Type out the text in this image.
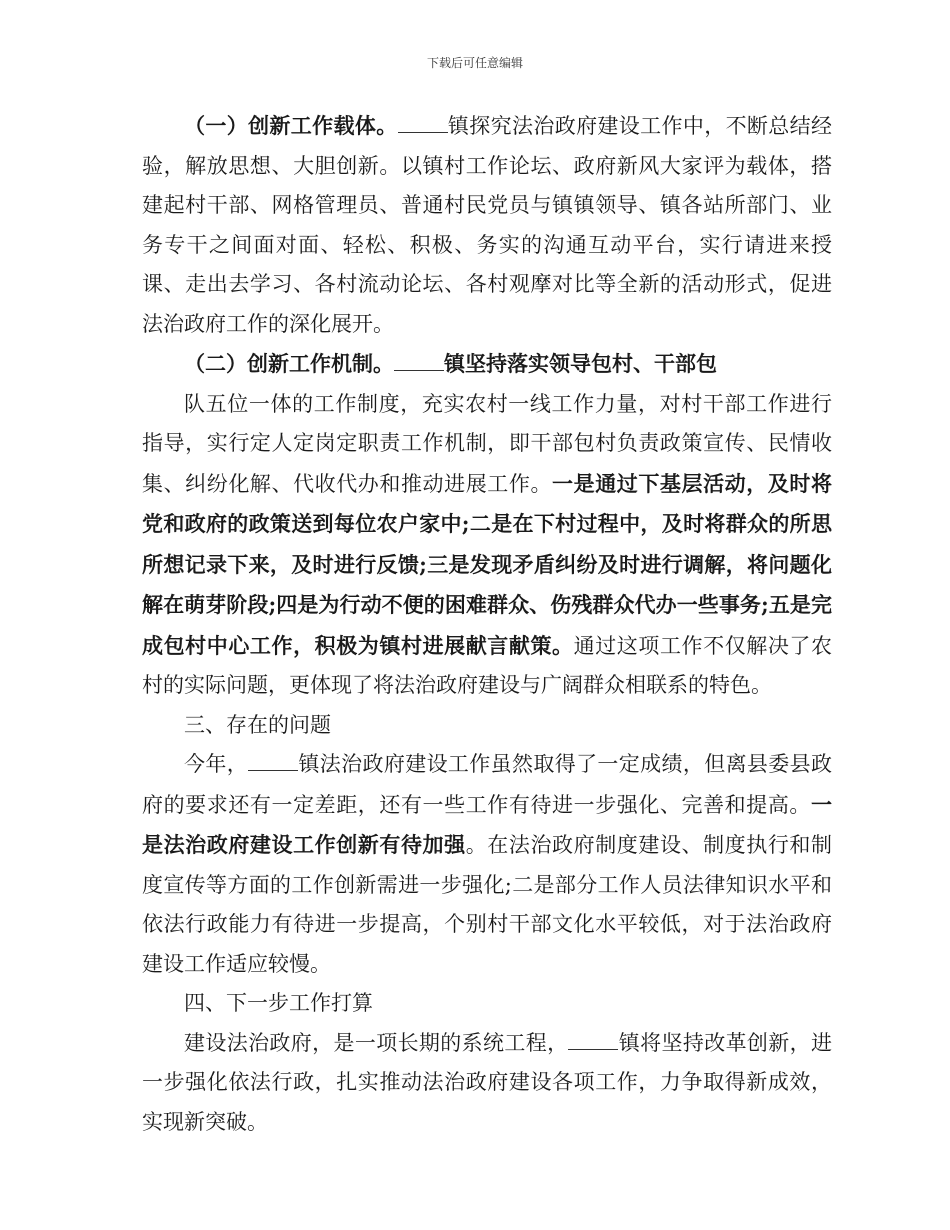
下载后可任意编辑

（一）创新工作载体。 镇探究法治政府建设工作中，不断总结经验，解放思想、大胆创新。以镇村工作论坛、政府新风大家评为载体，搭建起村干部、网格管理员、普通村民党员与镇镇领导、镇各站所部门、业务专干之间面对面、轻松、积极、务实的沟通互动平台，实行请进来授课、走出去学习、各村流动论坛、各村观摩对比等全新的活动形式，促进法治政府工作的深化展开。

（二）创新工作机制。 镇坚持落实领导包村、干部包

队五位一体的工作制度，充实农村一线工作力量，对村干部工作进行指导，实行定人定岗定职责工作机制，即干部包村负责政策宣传、民情收集、纠纷化解、代收代办和推动进展工作。一是通过下基层活动，及时将党和政府的政策送到每位农户家中;二是在下村过程中，及时将群众的所思所想记录下来，及时进行反馈;三是发现矛盾纠纷及时进行调解，将问题化解在萌芽阶段;四是为行动不便的困难群众、伤残群众代办一些事务;五是完成包村中心工作，积极为镇村进展献言献策。通过这项工作不仅解决了农村的实际问题，更体现了将法治政府建设与广阔群众相联系的特色。

三、存在的问题

今年， 镇法治政府建设工作虽然取得了一定成绩，但离县委县政府的要求还有一定差距，还有一些工作有待进一步强化、完善和提高。一是法治政府建设工作创新有待加强。在法治政府制度建设、制度执行和制度宣传等方面的工作创新需进一步强化;二是部分工作人员法律知识水平和依法行政能力有待进一步提高，个别村干部文化水平较低，对于法治政府建设工作适应较慢。

四、下一步工作打算

建设法治政府，是一项长期的系统工程， 镇将坚持改革创新，进一步强化依法行政，扎实推动法治政府建设各项工作，力争取得新成效，实现新突破。
